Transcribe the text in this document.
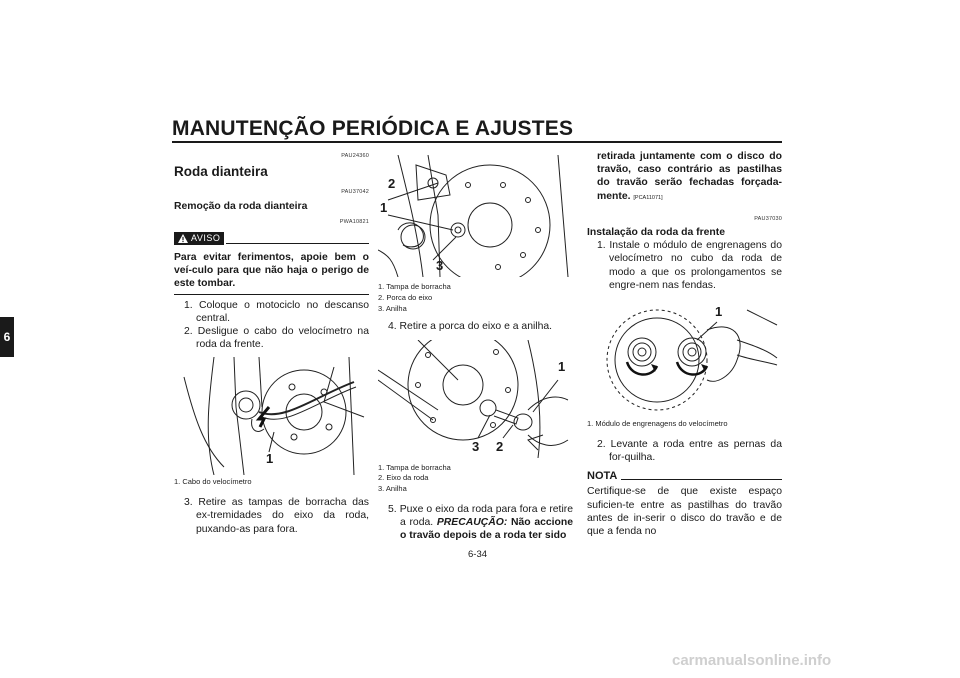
MANUTENÇÃO PERIÓDICA E AJUSTES
6
PAU24360
Roda dianteira
PAU37042
Remoção da roda dianteira
PWA10821
AVISO
Para evitar ferimentos, apoie bem o veí-culo para que não haja o perigo de este tombar.
1. Coloque o motociclo no descanso central.
2. Desligue o cabo do velocímetro na roda da frente.
1
1. Cabo do velocímetro
3. Retire as tampas de borracha das ex-tremidades do eixo da roda, puxando-as para fora.
2
1
3
1. Tampa de borracha
2. Porca do eixo
3. Anilha
4. Retire a porca do eixo e a anilha.
1
3 2
1. Tampa de borracha
2. Eixo da roda
3. Anilha
5. Puxe o eixo da roda para fora e retire a roda. PRECAUÇÃO: Não accione o travão depois de a roda ter sido
retirada juntamente com o disco do travão, caso contrário as pastilhas do travão serão fechadas forçada-mente. [PCA11071]
PAU37030
Instalação da roda da frente
1. Instale o módulo de engrenagens do velocímetro no cubo da roda de modo a que os prolongamentos se engre-nem nas fendas.
1
1. Módulo de engrenagens do velocímetro
2. Levante a roda entre as pernas da for-quilha.
NOTA
Certifique-se de que existe espaço suficien-te entre as pastilhas do travão antes de in-serir o disco do travão e de que a fenda no
6-34
carmanualsonline.info
